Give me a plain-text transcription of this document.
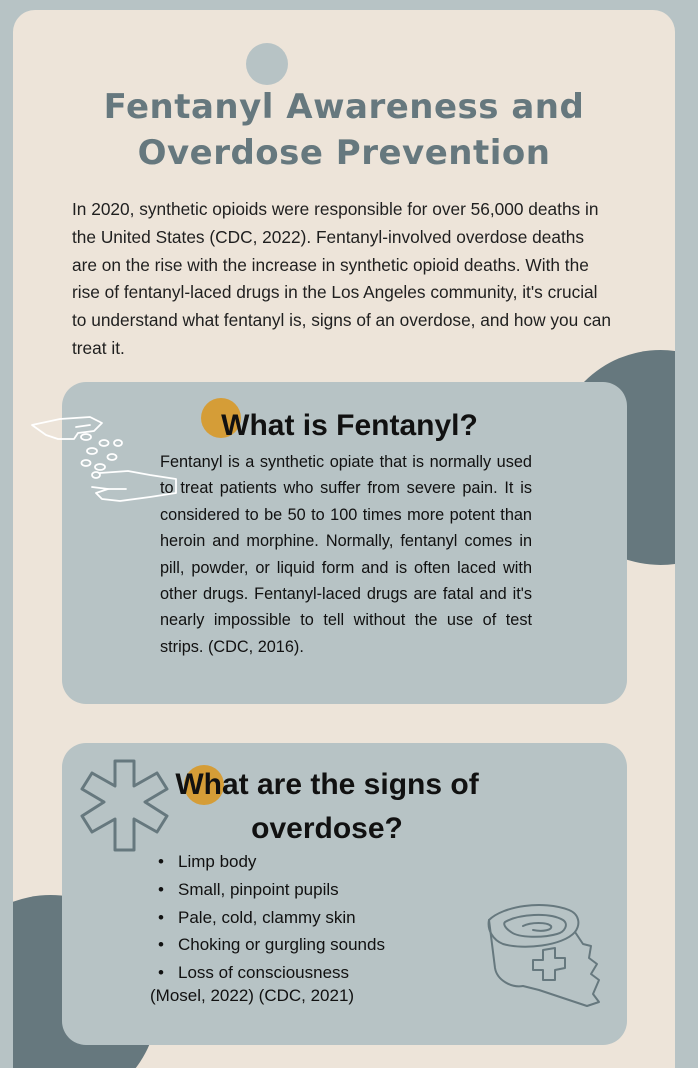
Fentanyl Awareness and Overdose Prevention

In 2020, synthetic opioids were responsible for over 56,000 deaths in the United States (CDC, 2022). Fentanyl-involved overdose deaths are on the rise with the increase in synthetic opioid deaths. With the rise of fentanyl-laced drugs in the Los Angeles community, it's crucial to understand what fentanyl is, signs of an overdose, and how you can treat it.

What is Fentanyl?

Fentanyl is a synthetic opiate that is normally used to treat patients who suffer from severe pain. It is considered to be 50 to 100 times more potent than heroin and morphine. Normally, fentanyl comes in pill, powder, or liquid form and is often laced with other drugs. Fentanyl-laced drugs are fatal and it's nearly impossible to tell without the use of test strips. (CDC, 2016).

What are the signs of overdose?
• Limp body
• Small, pinpoint pupils
• Pale, cold, clammy skin
• Choking or gurgling sounds
• Loss of consciousness

(Mosel, 2022) (CDC, 2021)
